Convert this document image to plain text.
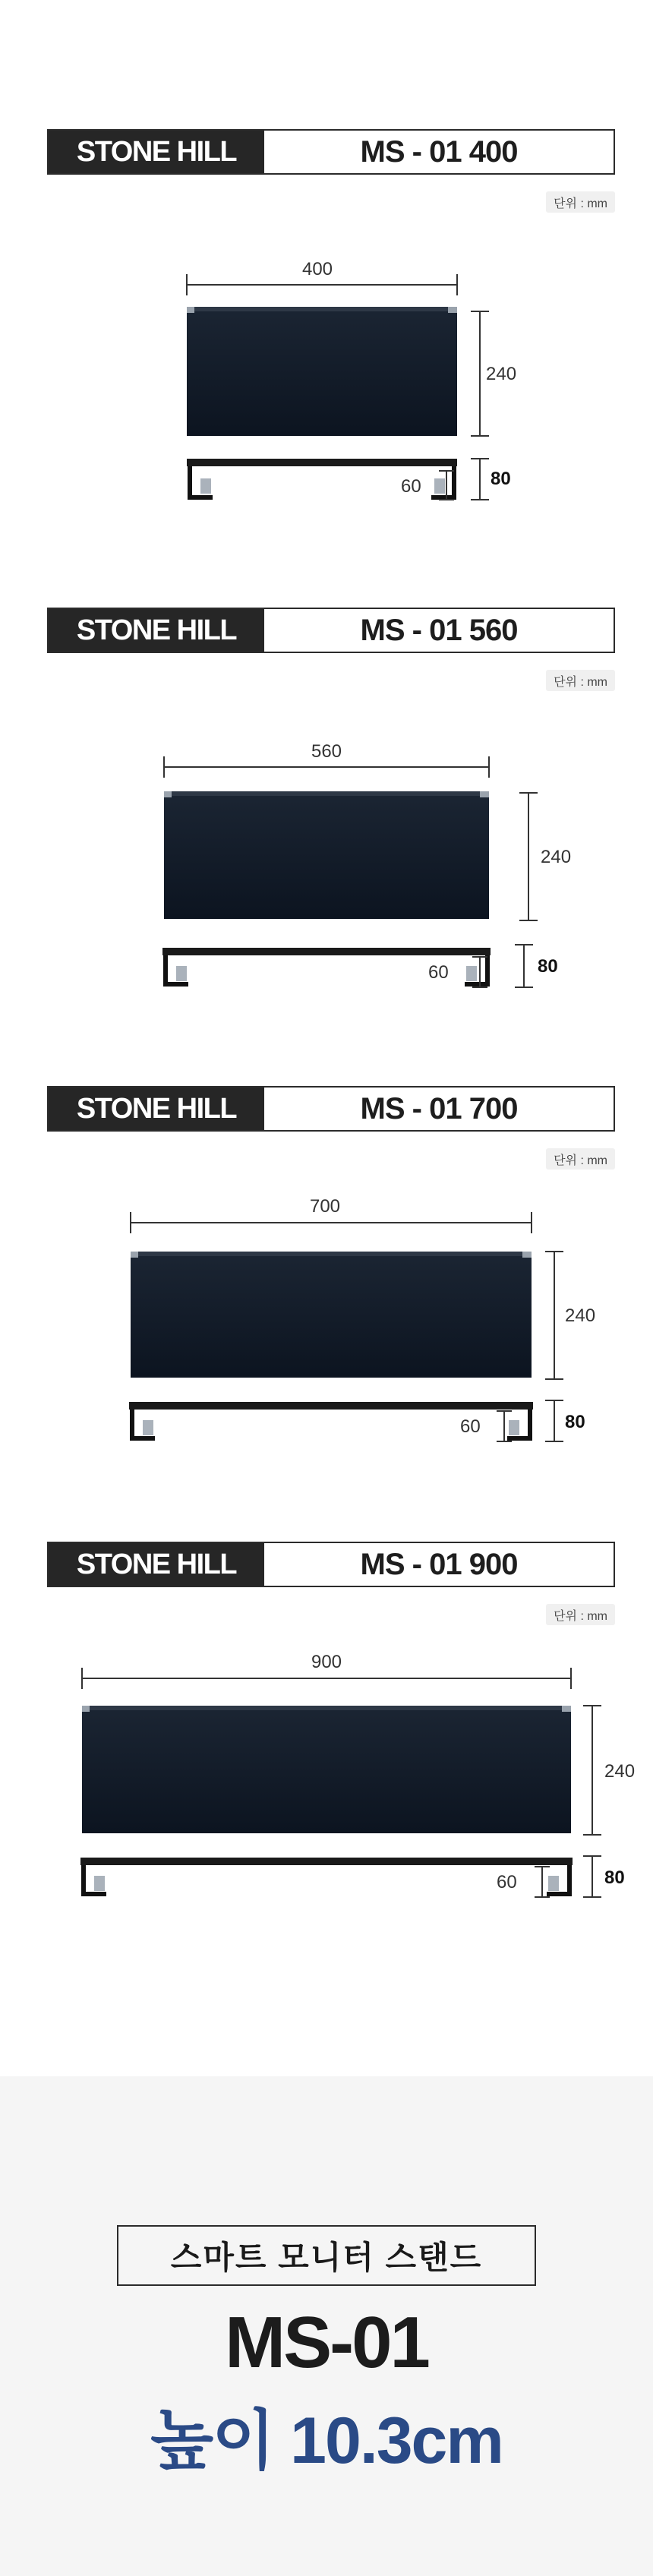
STONE HILL	MS - 01 400
단위 : mm
400
240
60	80
STONE HILL	MS - 01 560
단위 : mm
560
240
60	80
STONE HILL	MS - 01 700
단위 : mm
700
240
60	80
STONE HILL	MS - 01 900
단위 : mm
900
240
60	80
스마트 모니터 스탠드
MS-01
높이 10.3cm
